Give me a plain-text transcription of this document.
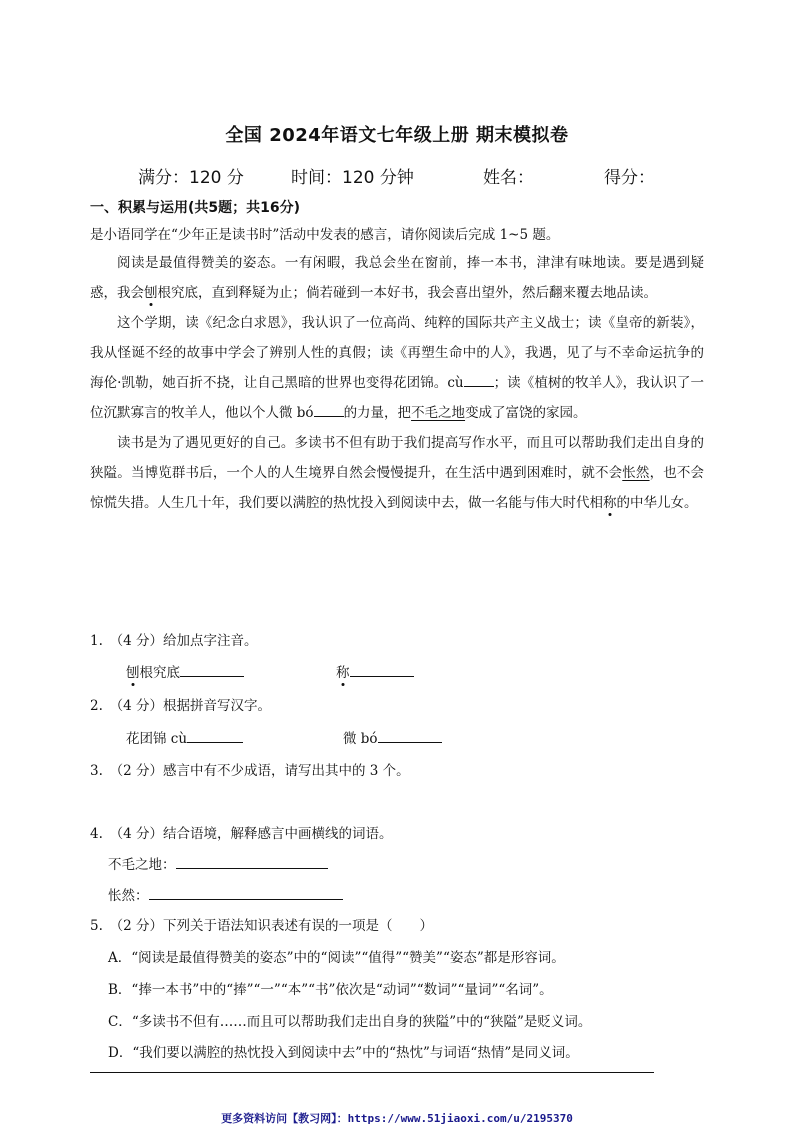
全国 2024年语文七年级上册 期末模拟卷
满分：120 分	时间：120 分钟	姓名：	得分：
一、积累与运用(共5题；共16分)
是小语同学在“少年正是读书时”活动中发表的感言，请你阅读后完成 1~5 题。

阅读是最值得赞美的姿态。一有闲暇，我总会坐在窗前，捧一本书，津津有味地读。要是遇到疑惑，我会刨根究底，直到释疑为止；倘若碰到一本好书，我会喜出望外，然后翻来覆去地品读。

这个学期，读《纪念白求恩》，我认识了一位高尚、纯粹的国际共产主义战士；读《皇帝的新装》，我从怪诞不经的故事中学会了辨别人性的真假；读《再塑生命中的人》，我遇，见了与不幸命运抗争的海伦·凯勒，她百折不挠，让自己黑暗的世界也变得花团锦。cù ；读《植树的牧羊人》，我认识了一位沉默寡言的牧羊人，他以个人微 bó 的力量，把不毛之地变成了富饶的家园。

读书是为了遇见更好的自己。多读书不但有助于我们提高写作水平，而且可以帮助我们走出自身的狭隘。当博览群书后，一个人的人生境界自然会慢慢提升，在生活中遇到困难时，就不会怅然，也不会惊慌失措。人生几十年，我们要以满腔的热忱投入到阅读中去，做一名能与伟大时代相称的中华儿女。

1.　（4 分）给加点字注音。
刨根究底	称
2.　（4 分）根据拼音写汉字。
花团锦 cù	微 bó
3.　（2 分）感言中有不少成语，请写出其中的 3 个。
4.　（4 分）结合语境，解释感言中画横线的词语。
不毛之地：
怅然：
5.　（2 分）下列关于语法知识表述有误的一项是（　　）
A．“阅读是最值得赞美的姿态”中的“阅读”“值得”“赞美”“姿态”都是形容词。
B．“捧一本书”中的“捧”“一”“本”“书”依次是“动词”“数词”“量词”“名词”。
C．“多读书不但有……而且可以帮助我们走出自身的狭隘”中的“狭隘”是贬义词。
D．“我们要以满腔的热忱投入到阅读中去”中的“热忱”与词语“热情”是同义词。
更多资料访问【教习网】：https://www.51jiaoxi.com/u/2195370
